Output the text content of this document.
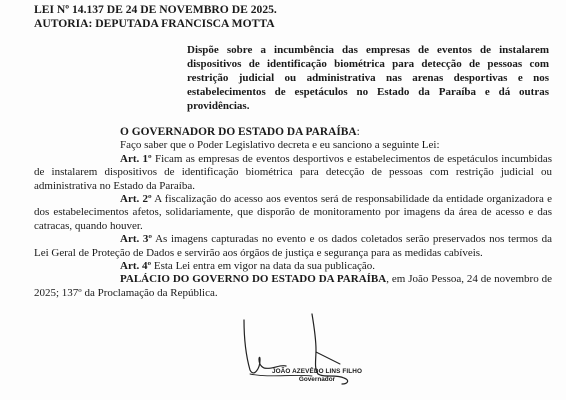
LEI Nº 14.137 DE 24 DE NOVEMBRO DE 2025.

AUTORIA: DEPUTADA FRANCISCA MOTTA

Dispõe sobre a incumbência das empresas de eventos de instalarem dispositivos de identificação biométrica para detecção de pessoas com restrição judicial ou administrativa nas arenas desportivas e nos estabelecimentos de espetáculos no Estado da Paraíba e dá outras providências.

O GOVERNADOR DO ESTADO DA PARAÍBA:

Faço saber que o Poder Legislativo decreta e eu sanciono a seguinte Lei:

Art. 1º Ficam as empresas de eventos desportivos e estabelecimentos de espetáculos incumbidas de instalarem dispositivos de identificação biométrica para detecção de pessoas com restrição judicial ou administrativa no Estado da Paraíba.

Art. 2º A fiscalização do acesso aos eventos será de responsabilidade da entidade organizadora e dos estabelecimentos afetos, solidariamente, que disporão de monitoramento por imagens da área de acesso e das catracas, quando houver.

Art. 3º As imagens capturadas no evento e os dados coletados serão preservados nos termos da Lei Geral de Proteção de Dados e servirão aos órgãos de justiça e segurança para as medidas cabíveis.

Art. 4º Esta Lei entra em vigor na data da sua publicação.

PALÁCIO DO GOVERNO DO ESTADO DA PARAÍBA, em João Pessoa, 24 de novembro de 2025; 137º da Proclamação da República.

JOÃO AZEVÊDO LINS FILHO
Governador
